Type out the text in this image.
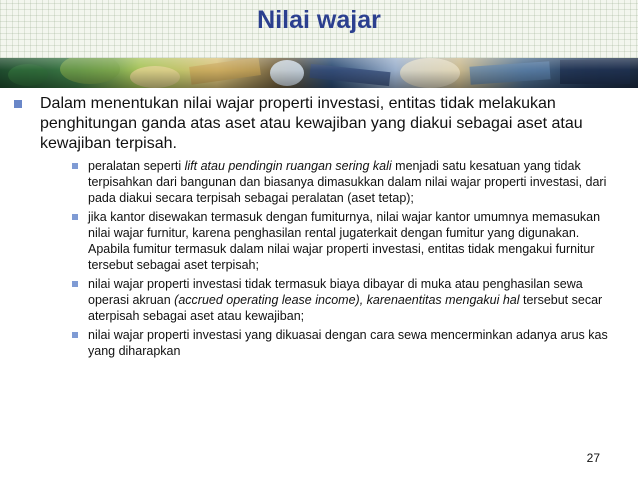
Nilai wajar
Dalam menentukan nilai wajar properti investasi, entitas tidak melakukan penghitungan ganda atas aset atau kewajiban yang diakui sebagai aset atau kewajiban terpisah.
peralatan seperti lift atau pendingin ruangan sering kali menjadi satu kesatuan yang tidak terpisahkan dari bangunan dan biasanya dimasukkan dalam nilai wajar properti investasi, dari pada diakui secara terpisah sebagai peralatan (aset tetap);
jika kantor disewakan termasuk dengan fumiturnya, nilai wajar kantor umumnya memasukan nilai wajar furnitur, karena penghasilan rental jugaterkait dengan fumitur yang digunakan. Apabila fumitur termasuk dalam nilai wajar properti investasi, entitas tidak mengakui furnitur tersebut sebagai aset terpisah;
nilai wajar properti investasi tidak termasuk biaya dibayar di muka atau penghasilan sewa operasi akruan (accrued operating lease income), karenaentitas mengakui hal tersebut secar aterpisah sebagai aset atau kewajiban;
nilai wajar properti investasi yang dikuasai dengan cara sewa mencerminkan adanya arus kas yang diharapkan
27
